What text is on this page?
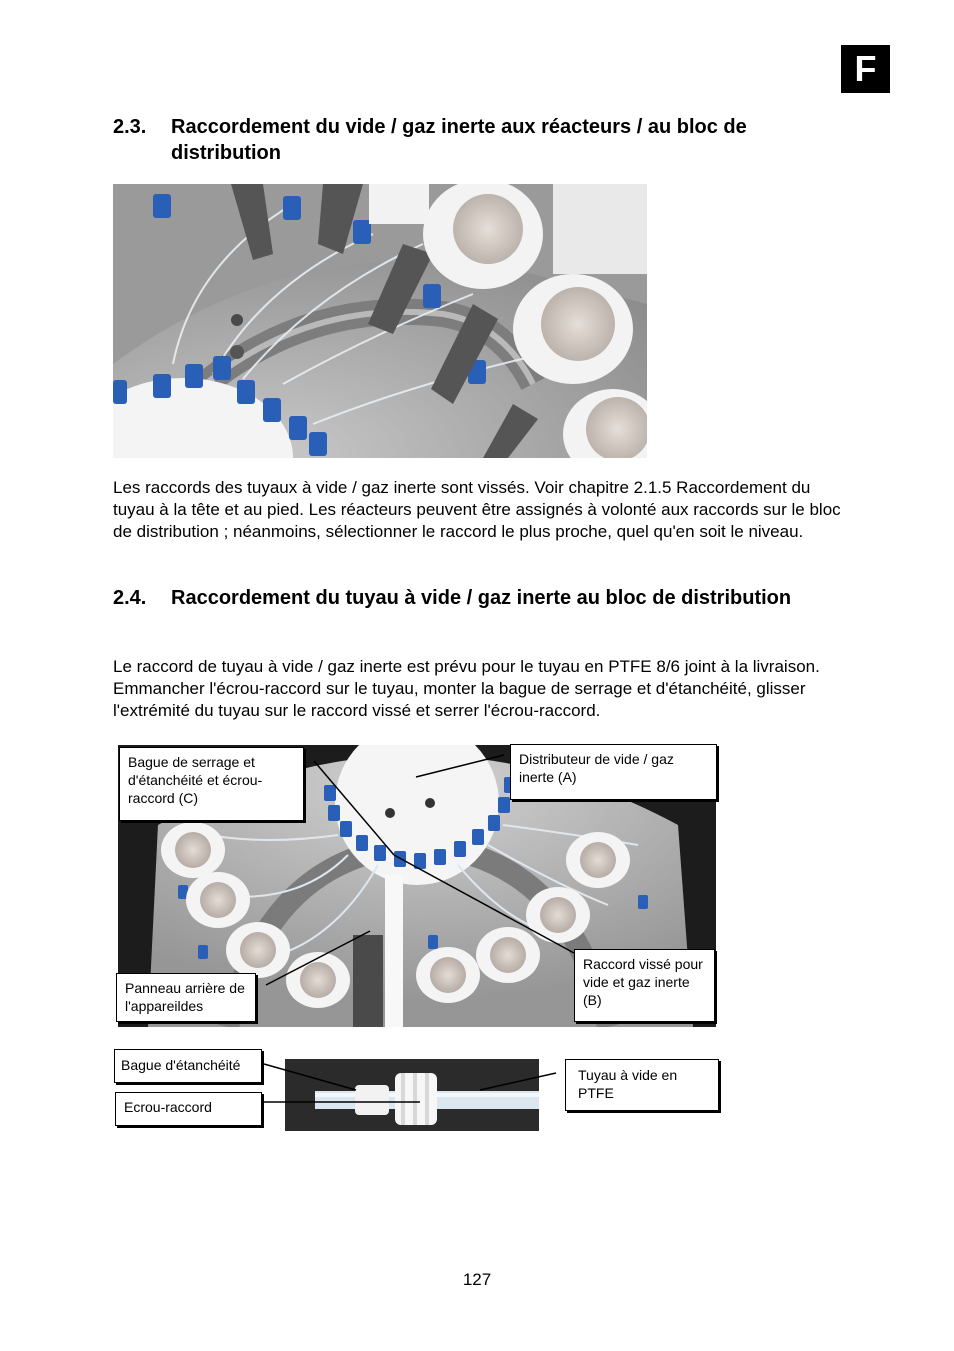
F
2.3.	Raccordement du vide / gaz inerte aux réacteurs / au bloc de distribution

Les raccords des tuyaux à vide / gaz inerte sont vissés. Voir chapitre 2.1.5 Raccordement du tuyau à la tête et au pied. Les réacteurs peuvent être assignés à volonté aux raccords sur le bloc de distribution ; néanmoins, sélectionner le raccord le plus proche, quel qu'en soit le niveau.

2.4.	Raccordement du tuyau à vide / gaz inerte au bloc de distribution

Le raccord de tuyau à vide / gaz inerte est prévu pour le tuyau en PTFE 8/6 joint à la livraison. Emmancher l'écrou-raccord sur le tuyau, monter la bague de serrage et d'étanchéité, glisser l'extrémité du tuyau sur le raccord vissé et serrer l'écrou-raccord.

Bague de serrage et d'étanchéité et écrou-raccord (C)
Distributeur de vide / gaz inerte (A)
Panneau arrière de l'appareildes
Raccord vissé pour vide et gaz inerte (B)
Bague d'étanchéité
Ecrou-raccord
Tuyau à vide en PTFE
127
